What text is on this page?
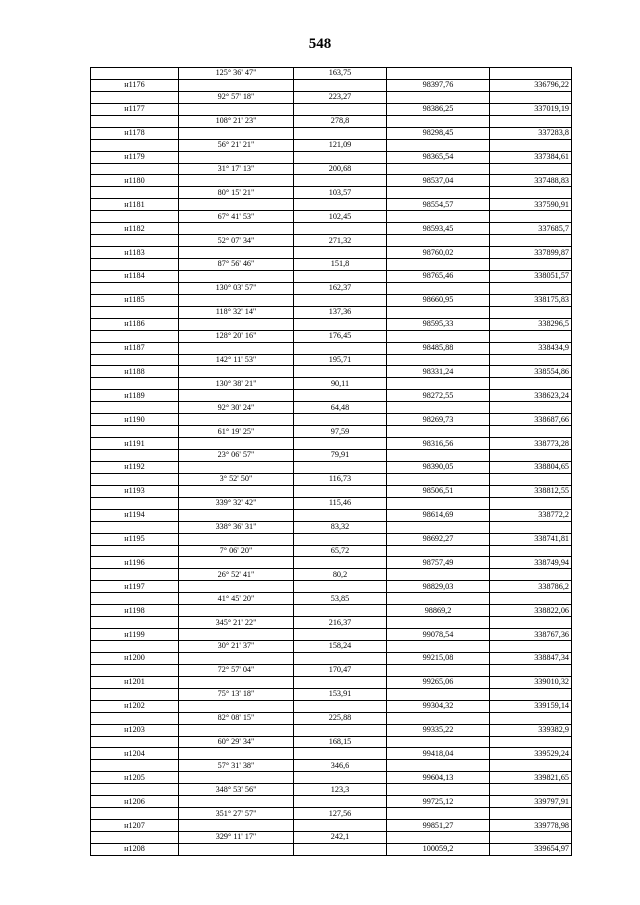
548
	125° 36' 47"	163,75		
н1176			98397,76	336796,22
	92° 57' 18"	223,27		
н1177			98386,25	337019,19
	108° 21' 23"	278,8		
н1178			98298,45	337283,8
	56° 21' 21"	121,09		
н1179			98365,54	337384,61
	31° 17' 13"	200,68		
н1180			98537,04	337488,83
	80° 15' 21"	103,57		
н1181			98554,57	337590,91
	67° 41' 53"	102,45		
н1182			98593,45	337685,7
	52° 07' 34"	271,32		
н1183			98760,02	337899,87
	87° 56' 46"	151,8		
н1184			98765,46	338051,57
	130° 03' 57"	162,37		
н1185			98660,95	338175,83
	118° 32' 14"	137,36		
н1186			98595,33	338296,5
	128° 20' 16"	176,45		
н1187			98485,88	338434,9
	142° 11' 53"	195,71		
н1188			98331,24	338554,86
	130° 38' 21"	90,11		
н1189			98272,55	338623,24
	92° 30' 24"	64,48		
н1190			98269,73	338687,66
	61° 19' 25"	97,59		
н1191			98316,56	338773,28
	23° 06' 57"	79,91		
н1192			98390,05	338804,65
	3° 52' 50"	116,73		
н1193			98506,51	338812,55
	339° 32' 42"	115,46		
н1194			98614,69	338772,2
	338° 36' 31"	83,32		
н1195			98692,27	338741,81
	7° 06' 20"	65,72		
н1196			98757,49	338749,94
	26° 52' 41"	80,2		
н1197			98829,03	338786,2
	41° 45' 20"	53,85		
н1198			98869,2	338822,06
	345° 21' 22"	216,37		
н1199			99078,54	338767,36
	30° 21' 37"	158,24		
н1200			99215,08	338847,34
	72° 57' 04"	170,47		
н1201			99265,06	339010,32
	75° 13' 18"	153,91		
н1202			99304,32	339159,14
	82° 08' 15"	225,88		
н1203			99335,22	339382,9
	60° 29' 34"	168,15		
н1204			99418,04	339529,24
	57° 31' 38"	346,6		
н1205			99604,13	339821,65
	348° 53' 56"	123,3		
н1206			99725,12	339797,91
	351° 27' 57"	127,56		
н1207			99851,27	339778,98
	329° 11' 17"	242,1		
н1208			100059,2	339654,97
